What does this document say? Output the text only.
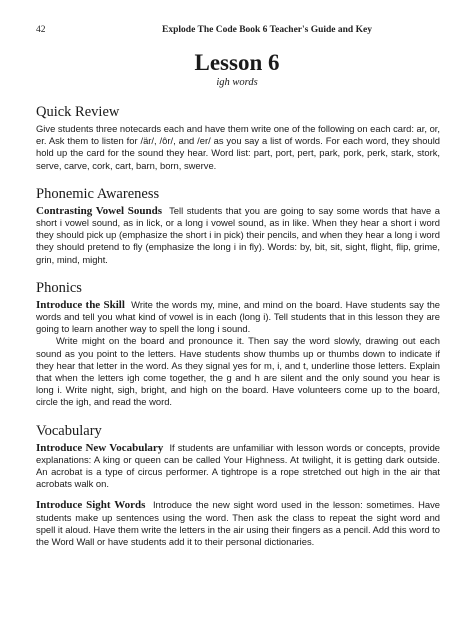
42	Explode The Code Book 6 Teacher's Guide and Key
Lesson 6
igh words
Quick Review

Give students three notecards each and have them write one of the following on each card: ar, or, er. Ask them to listen for /är/, /ôr/, and /er/ as you say a list of words. For each word, they should hold up the card for the sound they hear. Word list: part, port, pert, park, pork, perk, stark, stork, serve, carve, cork, cart, barn, born, swerve.

Phonemic Awareness

Contrasting Vowel Sounds Tell students that you are going to say some words that have a short i vowel sound, as in lick, or a long i vowel sound, as in like. When they hear a short i word they should pick up (emphasize the short i in pick) their pencils, and when they hear a long i word they should pretend to fly (emphasize the long i in fly). Words: by, bit, sit, sight, flight, flip, grime, grin, mind, might.

Phonics

Introduce the Skill Write the words my, mine, and mind on the board. Have students say the words and tell you what kind of vowel is in each (long i). Tell students that in this lesson they are going to learn another way to spell the long i sound.

Write might on the board and pronounce it. Then say the word slowly, drawing out each sound as you point to the letters. Have students show thumbs up or thumbs down to indicate if they hear that letter in the word. As they signal yes for m, i, and t, underline those letters. Explain that when the letters igh come together, the g and h are silent and the only sound you hear is long i. Write night, sigh, bright, and high on the board. Have volunteers come up to the board, circle the igh, and read the word.

Vocabulary

Introduce New Vocabulary If students are unfamiliar with lesson words or concepts, provide explanations: A king or queen can be called Your Highness. At twilight, it is getting dark outside. An acrobat is a type of circus performer. A tightrope is a rope stretched out high in the air that acrobats walk on.

Introduce Sight Words Introduce the new sight word used in the lesson: sometimes. Have students make up sentences using the word. Then ask the class to repeat the sight word and spell it aloud. Have them write the letters in the air using their fingers as a pencil. Add this word to the Word Wall or have students add it to their personal dictionaries.
